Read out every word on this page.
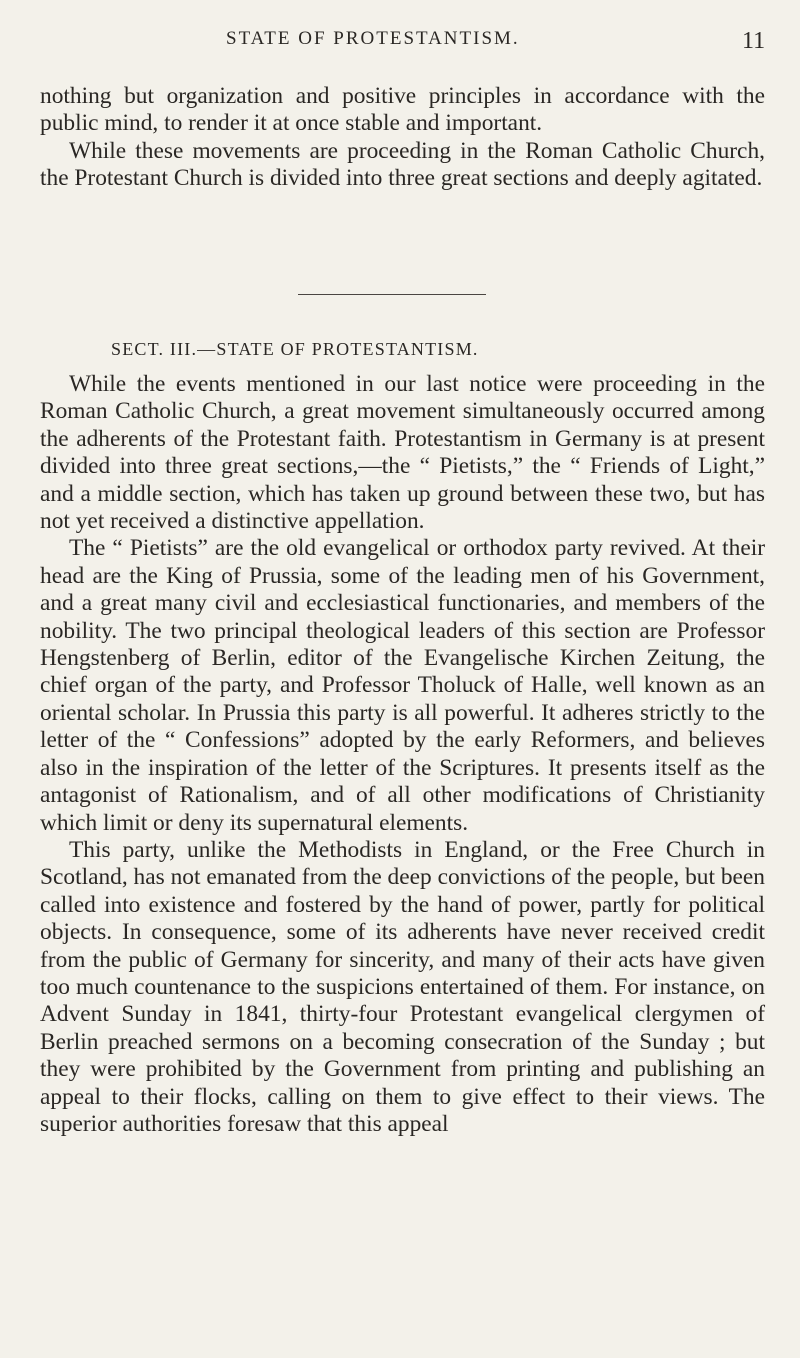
STATE OF PROTESTANTISM.	11

nothing but organization and positive principles in accordance with the public mind, to render it at once stable and important.

While these movements are proceeding in the Roman Catholic Church, the Protestant Church is divided into three great sections and deeply agitated.

SECT. III.—STATE OF PROTESTANTISM.

While the events mentioned in our last notice were proceeding in the Roman Catholic Church, a great movement simultaneously occurred among the adherents of the Protestant faith. Protestantism in Germany is at present divided into three great sections,—the “ Pietists,” the “ Friends of Light,” and a middle section, which has taken up ground between these two, but has not yet received a distinctive appellation.

The “ Pietists” are the old evangelical or orthodox party revived. At their head are the King of Prussia, some of the leading men of his Government, and a great many civil and ecclesiastical functionaries, and members of the nobility. The two principal theological leaders of this section are Professor Hengstenberg of Berlin, editor of the Evangelische Kirchen Zeitung, the chief organ of the party, and Professor Tholuck of Halle, well known as an oriental scholar. In Prussia this party is all powerful. It adheres strictly to the letter of the “ Confessions” adopted by the early Reformers, and believes also in the inspiration of the letter of the Scriptures. It presents itself as the antagonist of Rationalism, and of all other modifications of Christianity which limit or deny its supernatural elements.

This party, unlike the Methodists in England, or the Free Church in Scotland, has not emanated from the deep convictions of the people, but been called into existence and fostered by the hand of power, partly for political objects. In consequence, some of its adherents have never received credit from the public of Germany for sincerity, and many of their acts have given too much countenance to the suspicions entertained of them. For instance, on Advent Sunday in 1841, thirty-four Protestant evangelical clergymen of Berlin preached sermons on a becoming consecration of the Sunday ; but they were prohibited by the Government from printing and publishing an appeal to their flocks, calling on them to give effect to their views. The superior authorities foresaw that this appeal
